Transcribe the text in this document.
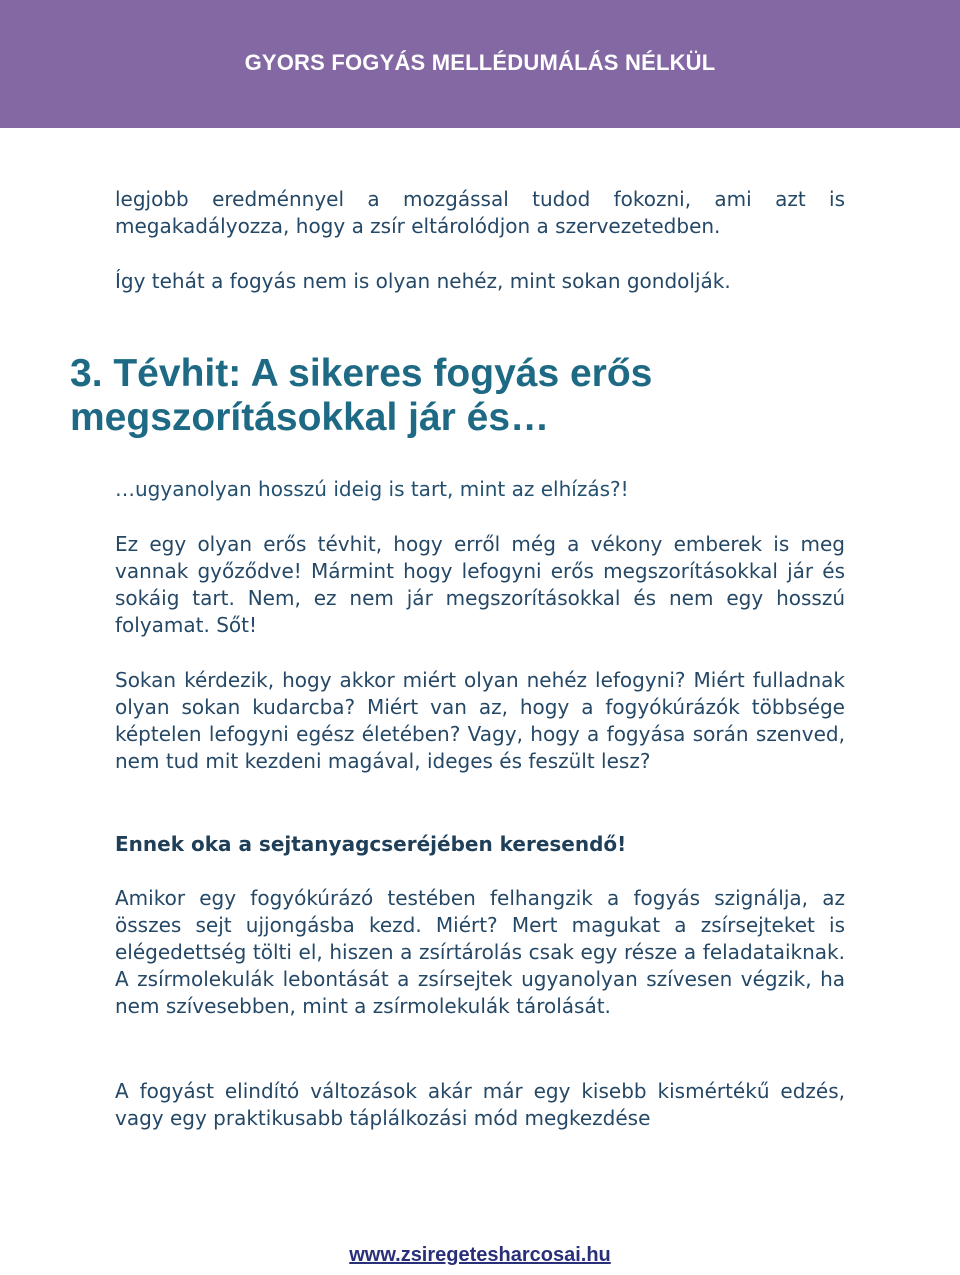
GYORS FOGYÁS MELLÉDUMÁLÁS NÉLKÜL

legjobb eredménnyel a mozgással tudod fokozni, ami azt is megakadályozza, hogy a zsír eltárolódjon a szervezetedben.

Így tehát a fogyás nem is olyan nehéz, mint sokan gondolják.

3. Tévhit: A sikeres fogyás erős megszorításokkal jár és…

…ugyanolyan hosszú ideig is tart, mint az elhízás?!

Ez egy olyan erős tévhit, hogy erről még a vékony emberek is meg vannak győződve! Mármint hogy lefogyni erős megszorításokkal jár és sokáig tart. Nem, ez nem jár megszorításokkal és nem egy hosszú folyamat. Sőt!

Sokan kérdezik, hogy akkor miért olyan nehéz lefogyni? Miért fulladnak olyan sokan kudarcba? Miért van az, hogy a fogyókúrázók többsége képtelen lefogyni egész életében? Vagy, hogy a fogyása során szenved, nem tud mit kezdeni magával, ideges és feszült lesz?

Ennek oka a sejtanyagcseréjében keresendő!

Amikor egy fogyókúrázó testében felhangzik a fogyás szignálja, az összes sejt ujjongásba kezd. Miért? Mert magukat a zsírsejteket is elégedettség tölti el, hiszen a zsírtárolás csak egy része a feladataiknak. A zsírmolekulák lebontását a zsírsejtek ugyanolyan szívesen végzik, ha nem szívesebben, mint a zsírmolekulák tárolását.

A fogyást elindító változások akár már egy kisebb kismértékű edzés, vagy egy praktikusabb táplálkozási mód megkezdése

www.zsiregetesharcosai.hu
